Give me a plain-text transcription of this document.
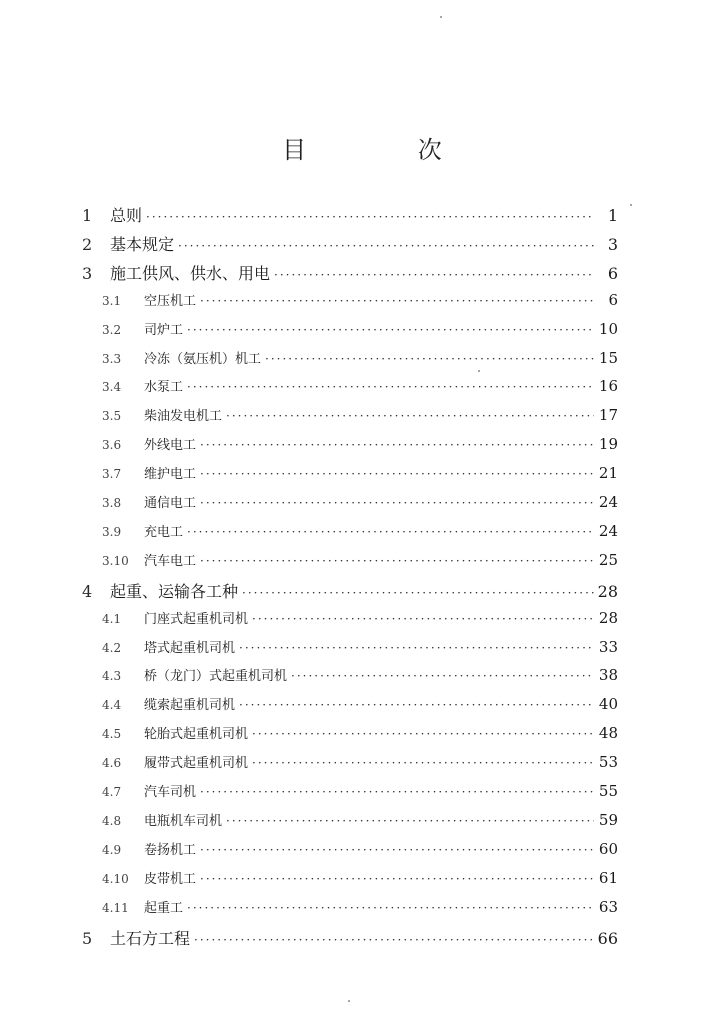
目 次
1	总则 ·····	1
2	基本规定 ·····	3
3	施工供风、供水、用电 ·····	6
3.1	空压机工 ·····	6
3.2	司炉工 ·····	10
3.3	冷冻（氨压机）机工 ·····	15
3.4	水泵工 ·····	16
3.5	柴油发电机工 ·····	17
3.6	外线电工 ·····	19
3.7	维护电工 ·····	21
3.8	通信电工 ·····	24
3.9	充电工 ·····	24
3.10	汽车电工 ·····	25
4	起重、运输各工种 ·····	28
4.1	门座式起重机司机 ·····	28
4.2	塔式起重机司机 ·····	33
4.3	桥（龙门）式起重机司机 ·····	38
4.4	缆索起重机司机 ·····	40
4.5	轮胎式起重机司机 ·····	48
4.6	履带式起重机司机 ·····	53
4.7	汽车司机 ·····	55
4.8	电瓶机车司机 ·····	59
4.9	卷扬机工 ·····	60
4.10	皮带机工 ·····	61
4.11	起重工 ·····	63
5	土石方工程 ·····	66
